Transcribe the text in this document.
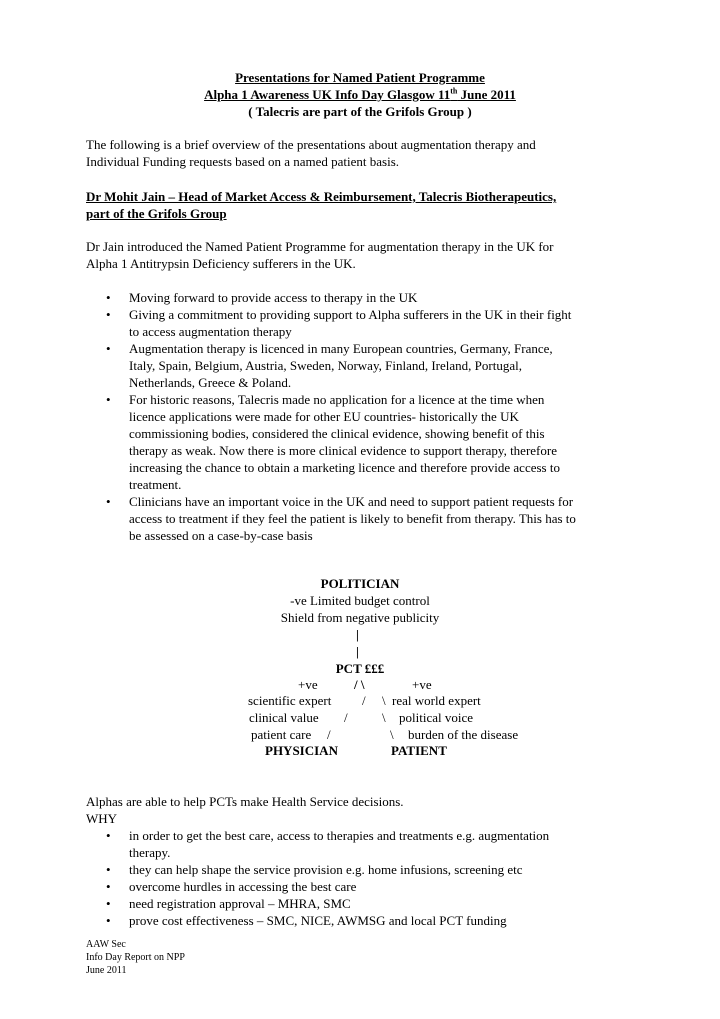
Presentations for Named Patient Programme
Alpha 1 Awareness UK Info Day Glasgow 11th June 2011
( Talecris are part of the Grifols Group )
The following is a brief overview of the presentations about augmentation therapy and
Individual Funding requests based on a named patient basis.
Dr Mohit Jain – Head of Market Access & Reimbursement, Talecris Biotherapeutics,
part of the Grifols Group
Dr Jain introduced the Named Patient Programme for augmentation therapy in the UK for
Alpha 1 Antitrypsin Deficiency sufferers in the UK.
• Moving forward to provide access to therapy in the UK
• Giving a commitment to providing support to Alpha sufferers in the UK in their fight
to access augmentation therapy
• Augmentation therapy is licenced in many European countries, Germany, France,
Italy, Spain, Belgium, Austria, Sweden, Norway, Finland, Ireland, Portugal,
Netherlands, Greece & Poland.
• For historic reasons, Talecris made no application for a licence at the time when
licence applications were made for other EU countries- historically the UK
commissioning bodies, considered the clinical evidence, showing benefit of this
therapy as weak. Now there is more clinical evidence to support therapy, therefore
increasing the chance to obtain a marketing licence and therefore provide access to
treatment.
• Clinicians have an important voice in the UK and need to support patient requests for
access to treatment if they feel the patient is likely to benefit from therapy. This has to
be assessed on a case-by-case basis
POLITICIAN
-ve Limited budget control
Shield from negative publicity
|
|
PCT £££
+ve	/ \	+ve
scientific expert / \ real world expert
clinical value /	\ political voice
patient care /	\ burden of the disease
PHYSICIAN	PATIENT
Alphas are able to help PCTs make Health Service decisions.
WHY
• in order to get the best care, access to therapies and treatments e.g. augmentation
therapy.
• they can help shape the service provision e.g. home infusions, screening etc
• overcome hurdles in accessing the best care
• need registration approval – MHRA, SMC
• prove cost effectiveness – SMC, NICE, AWMSG and local PCT funding
AAW Sec
Info Day Report on NPP
June 2011
